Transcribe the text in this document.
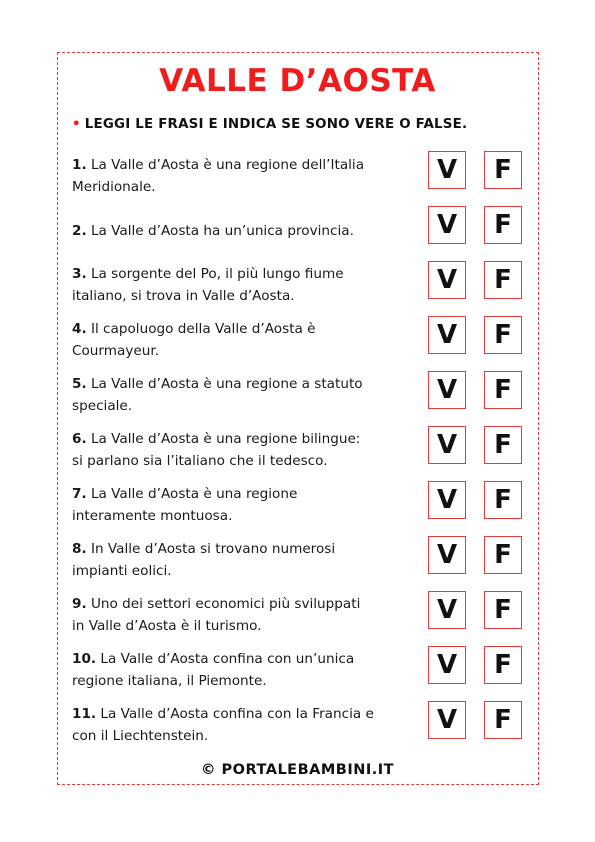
VALLE D’AOSTA
• LEGGI LE FRASI E INDICA SE SONO VERE O FALSE.
1. La Valle d’Aosta è una regione dell’Italia
Meridionale.
V	F
2. La Valle d’Aosta ha un’unica provincia.	V	F
3. La sorgente del Po, il più lungo fiume
italiano, si trova in Valle d’Aosta.
V	F
4. Il capoluogo della Valle d’Aosta è
Courmayeur.
V	F
5. La Valle d’Aosta è una regione a statuto
speciale.
V	F
6. La Valle d’Aosta è una regione bilingue:
si parlano sia l’italiano che il tedesco.
V	F
7. La Valle d’Aosta è una regione
interamente montuosa.
V	F
8. In Valle d’Aosta si trovano numerosi
impianti eolici.
V	F
9. Uno dei settori economici più sviluppati
in Valle d’Aosta è il turismo.
V	F
10. La Valle d’Aosta confina con un’unica
regione italiana, il Piemonte.
V	F
11. La Valle d’Aosta confina con la Francia e
con il Liechtenstein.
V	F
© PORTALEBAMBINI.IT
